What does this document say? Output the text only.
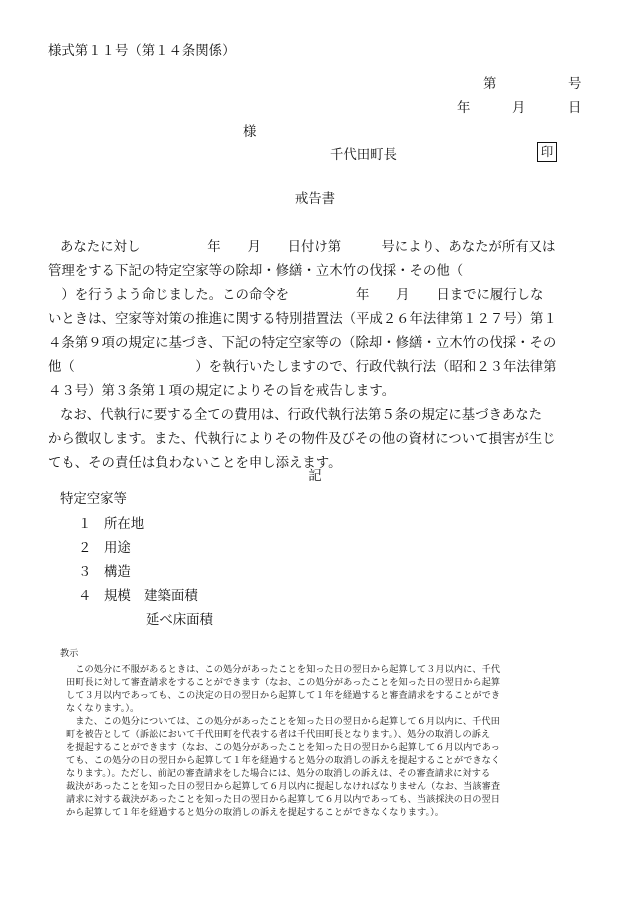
様式第１１号（第１４条関係）
第	号
年	月	日
様
千代田町長	印
戒告書
あなたに対し　　　　　年　　月　　日付け第　　　号により、あなたが所有又は
管理をする下記の特定空家等の除却・修繕・立木竹の伐採・その他（
　）を行うよう命じました。この命令を　　　　　年　　月　　日までに履行しな
いときは、空家等対策の推進に関する特別措置法（平成２６年法律第１２７号）第１
４条第９項の規定に基づき、下記の特定空家等の（除却・修繕・立木竹の伐採・その
他（　　　　　　　　　）を執行いたしますので、行政代執行法（昭和２３年法律第
４３号）第３条第１項の規定によりその旨を戒告します。
なお、代執行に要する全ての費用は、行政代執行法第５条の規定に基づきあなた
から徴収します。また、代執行によりその物件及びその他の資材について損害が生じ
ても、その責任は負わないことを申し添えます。
記
特定空家等
１ 所在地
２ 用途
３ 構造
４ 規模　建築面積
延べ床面積
教示
　この処分に不服があるときは、この処分があったことを知った日の翌日から起算して３月以内に、千代
田町長に対して審査請求をすることができます（なお、この処分があったことを知った日の翌日から起算
して３月以内であっても、この決定の日の翌日から起算して１年を経過すると審査請求をすることができ
なくなります。）。
　また、この処分については、この処分があったことを知った日の翌日から起算して６月以内に、千代田
町を被告として（訴訟において千代田町を代表する者は千代田町長となります。）、処分の取消しの訴え
を提起することができます（なお、この処分があったことを知った日の翌日から起算して６月以内であっ
ても、この処分の日の翌日から起算して１年を経過すると処分の取消しの訴えを提起することができなく
なります。）。ただし、前記の審査請求をした場合には、処分の取消しの訴えは、その審査請求に対する
裁決があったことを知った日の翌日から起算して６月以内に提起しなければなりません（なお、当該審査
請求に対する裁決があったことを知った日の翌日から起算して６月以内であっても、当該採決の日の翌日
から起算して１年を経過すると処分の取消しの訴えを提起することができなくなります。）。
